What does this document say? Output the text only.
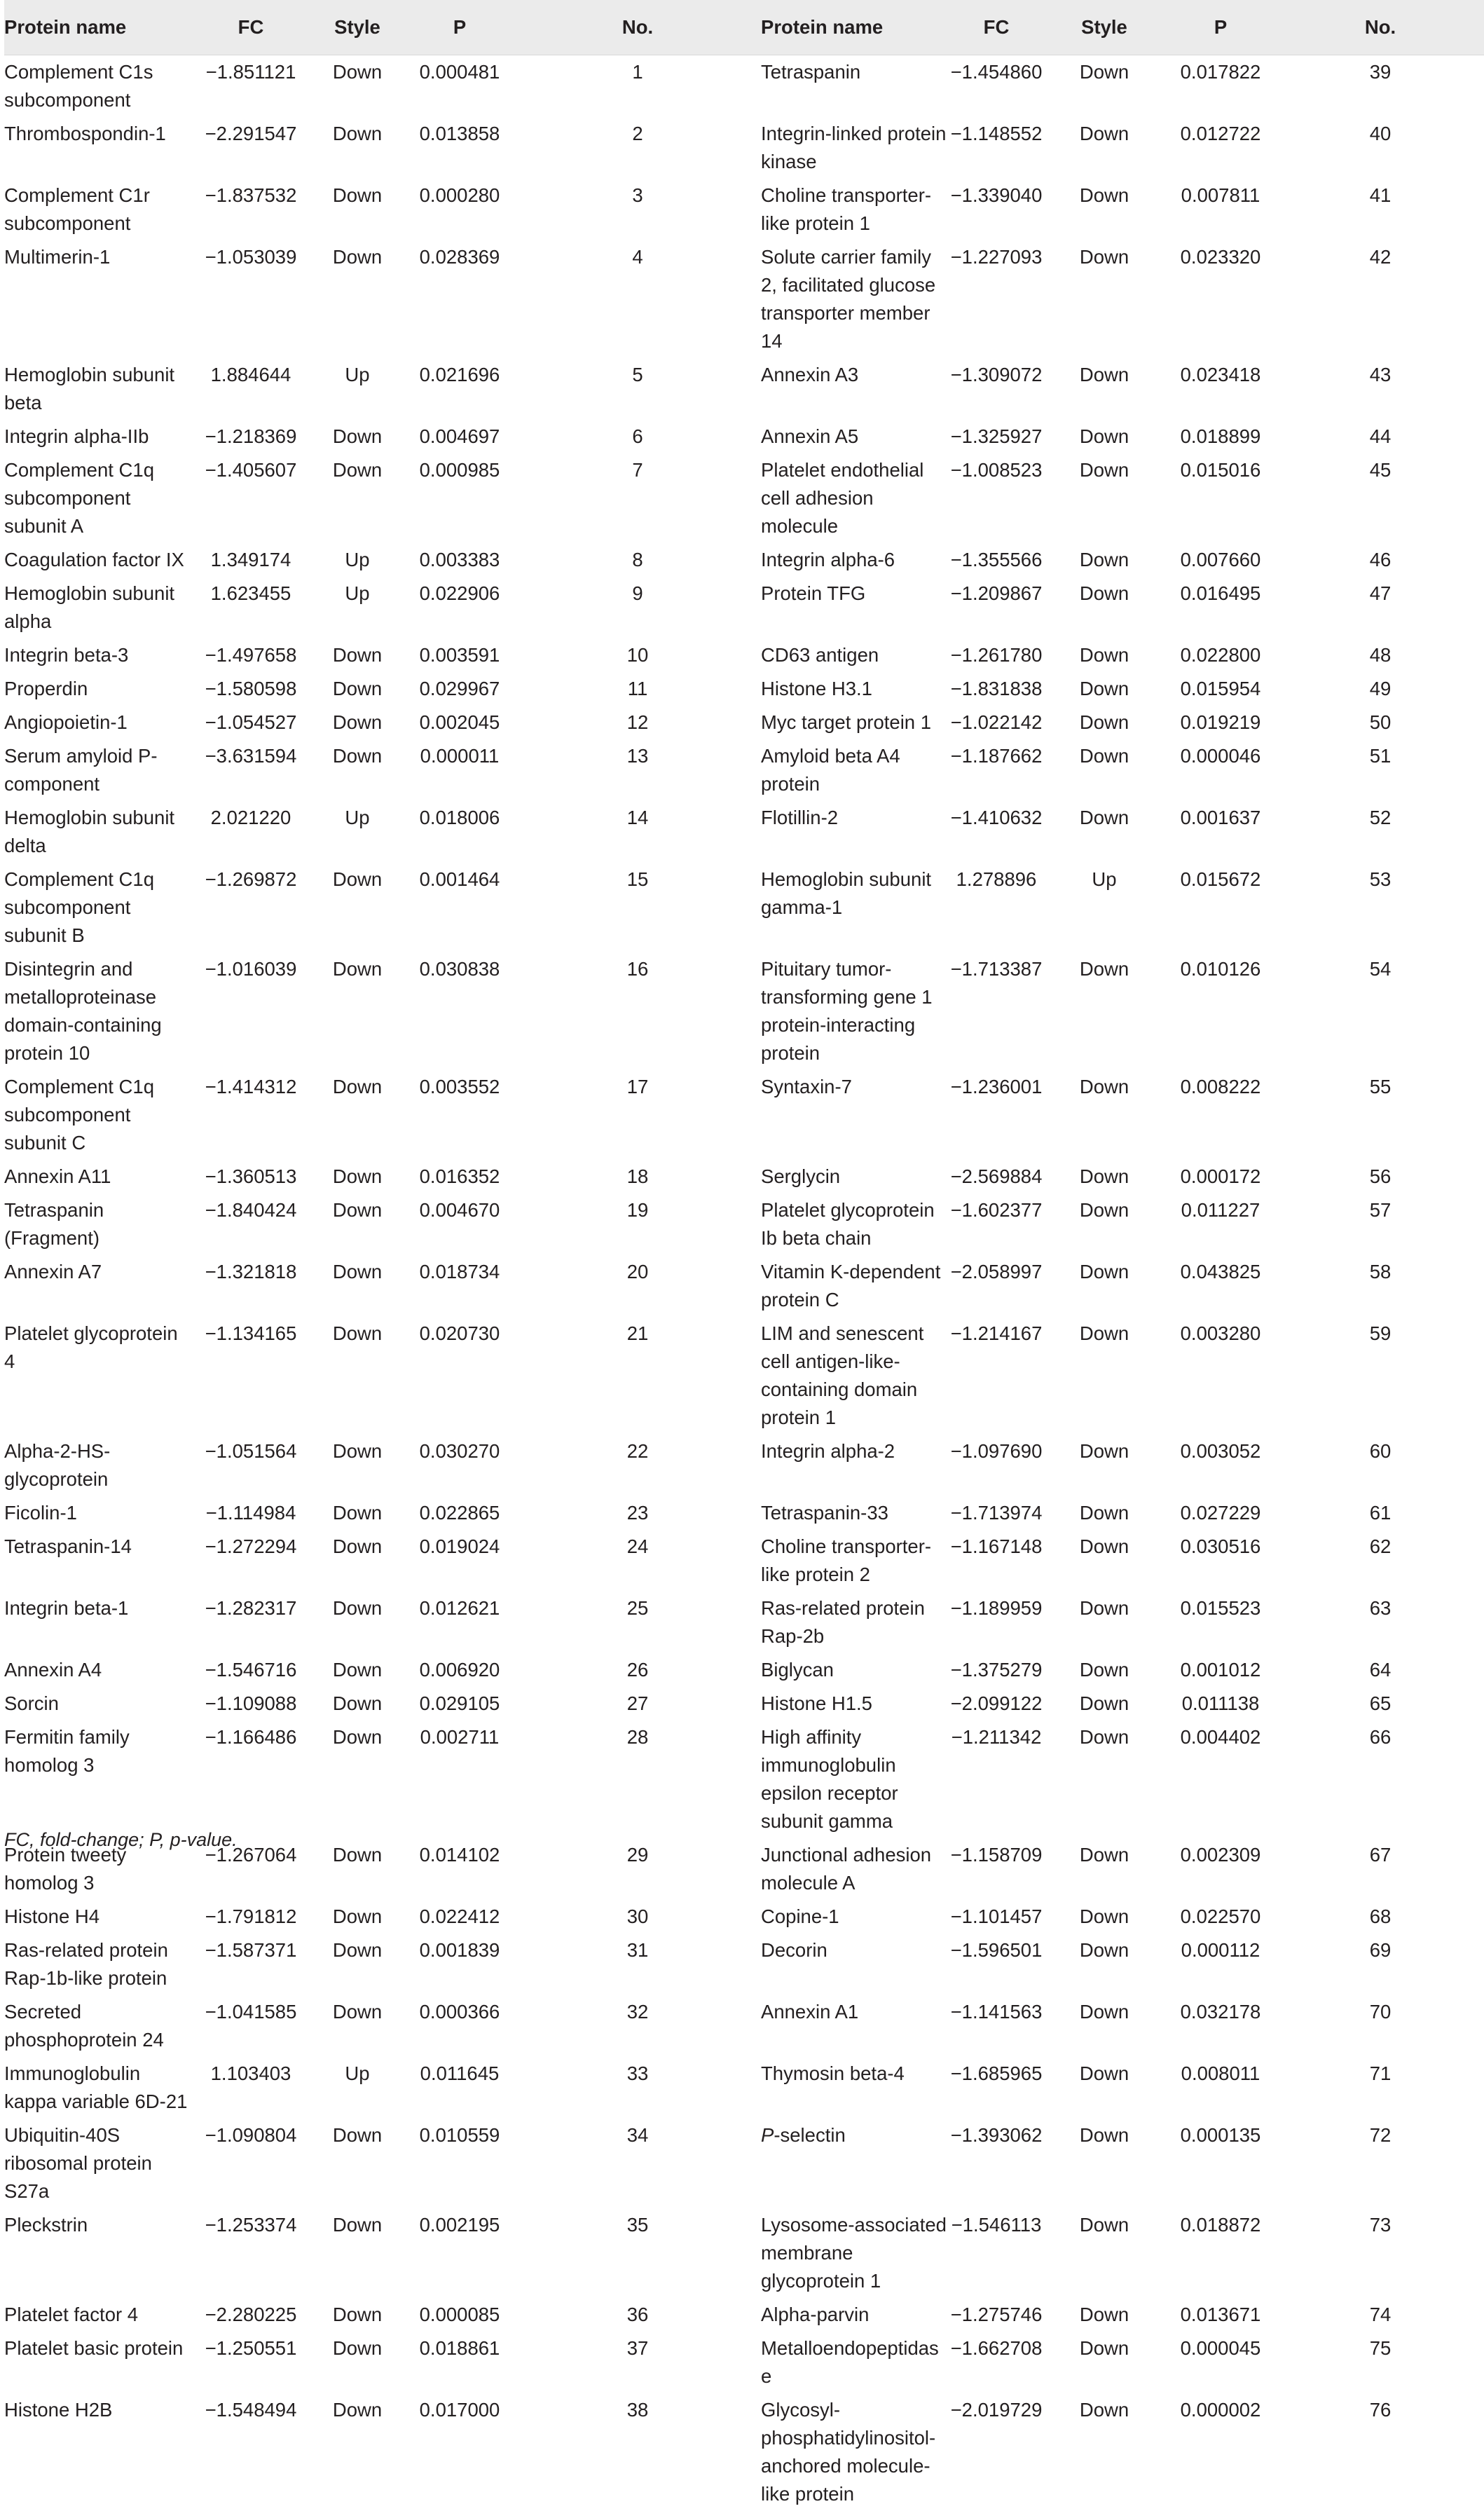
Protein name	FC	Style	P	No.	Protein name	FC	Style	P	No.
Complement C1s subcomponent	−1.851121	Down	0.000481	1	Tetraspanin	−1.454860	Down	0.017822	39
Thrombospondin-1	−2.291547	Down	0.013858	2	Integrin-linked protein kinase	−1.148552	Down	0.012722	40
Complement C1r subcomponent	−1.837532	Down	0.000280	3	Choline transporter-like protein 1	−1.339040	Down	0.007811	41
Multimerin-1	−1.053039	Down	0.028369	4	Solute carrier family 2, facilitated glucose transporter member 14	−1.227093	Down	0.023320	42
Hemoglobin subunit beta	1.884644	Up	0.021696	5	Annexin A3	−1.309072	Down	0.023418	43
Integrin alpha-IIb	−1.218369	Down	0.004697	6	Annexin A5	−1.325927	Down	0.018899	44
Complement C1q subcomponent subunit A	−1.405607	Down	0.000985	7	Platelet endothelial cell adhesion molecule	−1.008523	Down	0.015016	45
Coagulation factor IX	1.349174	Up	0.003383	8	Integrin alpha-6	−1.355566	Down	0.007660	46
Hemoglobin subunit alpha	1.623455	Up	0.022906	9	Protein TFG	−1.209867	Down	0.016495	47
Integrin beta-3	−1.497658	Down	0.003591	10	CD63 antigen	−1.261780	Down	0.022800	48
Properdin	−1.580598	Down	0.029967	11	Histone H3.1	−1.831838	Down	0.015954	49
Angiopoietin-1	−1.054527	Down	0.002045	12	Myc target protein 1	−1.022142	Down	0.019219	50
Serum amyloid P-component	−3.631594	Down	0.000011	13	Amyloid beta A4 protein	−1.187662	Down	0.000046	51
Hemoglobin subunit delta	2.021220	Up	0.018006	14	Flotillin-2	−1.410632	Down	0.001637	52
Complement C1q subcomponent subunit B	−1.269872	Down	0.001464	15	Hemoglobin subunit gamma-1	1.278896	Up	0.015672	53
Disintegrin and metalloproteinase domain-containing protein 10	−1.016039	Down	0.030838	16	Pituitary tumor-transforming gene 1 protein-interacting protein	−1.713387	Down	0.010126	54
Complement C1q subcomponent subunit C	−1.414312	Down	0.003552	17	Syntaxin-7	−1.236001	Down	0.008222	55
Annexin A11	−1.360513	Down	0.016352	18	Serglycin	−2.569884	Down	0.000172	56
Tetraspanin (Fragment)	−1.840424	Down	0.004670	19	Platelet glycoprotein Ib beta chain	−1.602377	Down	0.011227	57
Annexin A7	−1.321818	Down	0.018734	20	Vitamin K-dependent protein C	−2.058997	Down	0.043825	58
Platelet glycoprotein 4	−1.134165	Down	0.020730	21	LIM and senescent cell antigen-like-containing domain protein 1	−1.214167	Down	0.003280	59
Alpha-2-HS-glycoprotein	−1.051564	Down	0.030270	22	Integrin alpha-2	−1.097690	Down	0.003052	60
Ficolin-1	−1.114984	Down	0.022865	23	Tetraspanin-33	−1.713974	Down	0.027229	61
Tetraspanin-14	−1.272294	Down	0.019024	24	Choline transporter-like protein 2	−1.167148	Down	0.030516	62
Integrin beta-1	−1.282317	Down	0.012621	25	Ras-related protein Rap-2b	−1.189959	Down	0.015523	63
Annexin A4	−1.546716	Down	0.006920	26	Biglycan	−1.375279	Down	0.001012	64
Sorcin	−1.109088	Down	0.029105	27	Histone H1.5	−2.099122	Down	0.011138	65
Fermitin family homolog 3	−1.166486	Down	0.002711	28	High affinity immunoglobulin epsilon receptor subunit gamma	−1.211342	Down	0.004402	66
Protein tweety homolog 3	−1.267064	Down	0.014102	29	Junctional adhesion molecule A	−1.158709	Down	0.002309	67
Histone H4	−1.791812	Down	0.022412	30	Copine-1	−1.101457	Down	0.022570	68
Ras-related protein Rap-1b-like protein	−1.587371	Down	0.001839	31	Decorin	−1.596501	Down	0.000112	69
Secreted phosphoprotein 24	−1.041585	Down	0.000366	32	Annexin A1	−1.141563	Down	0.032178	70
Immunoglobulin kappa variable 6D-21	1.103403	Up	0.011645	33	Thymosin beta-4	−1.685965	Down	0.008011	71
Ubiquitin-40S ribosomal protein S27a	−1.090804	Down	0.010559	34	P-selectin	−1.393062	Down	0.000135	72
Pleckstrin	−1.253374	Down	0.002195	35	Lysosome-associated membrane glycoprotein 1	−1.546113	Down	0.018872	73
Platelet factor 4	−2.280225	Down	0.000085	36	Alpha-parvin	−1.275746	Down	0.013671	74
Platelet basic protein	−1.250551	Down	0.018861	37	Metalloendopeptidase	−1.662708	Down	0.000045	75
Histone H2B	−1.548494	Down	0.017000	38	Glycosyl-phosphatidylinositol-anchored molecule-like protein	−2.019729	Down	0.000002	76
FC, fold-change; P, p-value.
